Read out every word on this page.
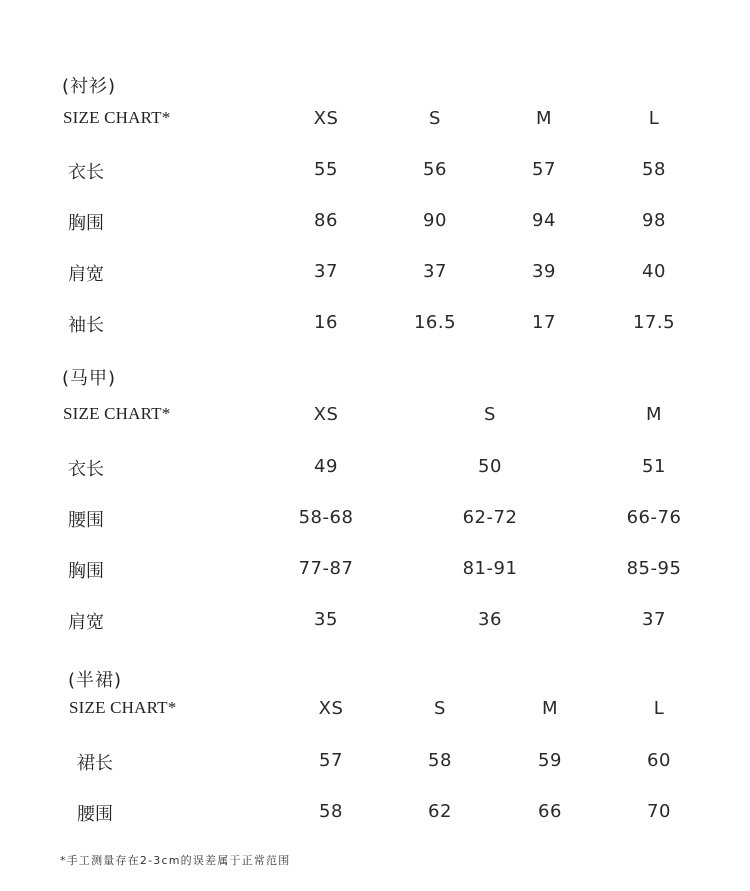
(衬衫)
SIZE CHART*	XS	S	M	L
衣长	55	56	57	58
胸围	86	90	94	98
肩宽	37	37	39	40
袖长	16	16.5	17	17.5
(马甲)
SIZE CHART*	XS	S	M
衣长	49	50	51
腰围	58-68	62-72	66-76
胸围	77-87	81-91	85-95
肩宽	35	36	37
(半裙)
SIZE CHART*	XS	S	M	L
裙长	57	58	59	60
腰围	58	62	66	70
*手工测量存在2-3cm的误差属于正常范围
